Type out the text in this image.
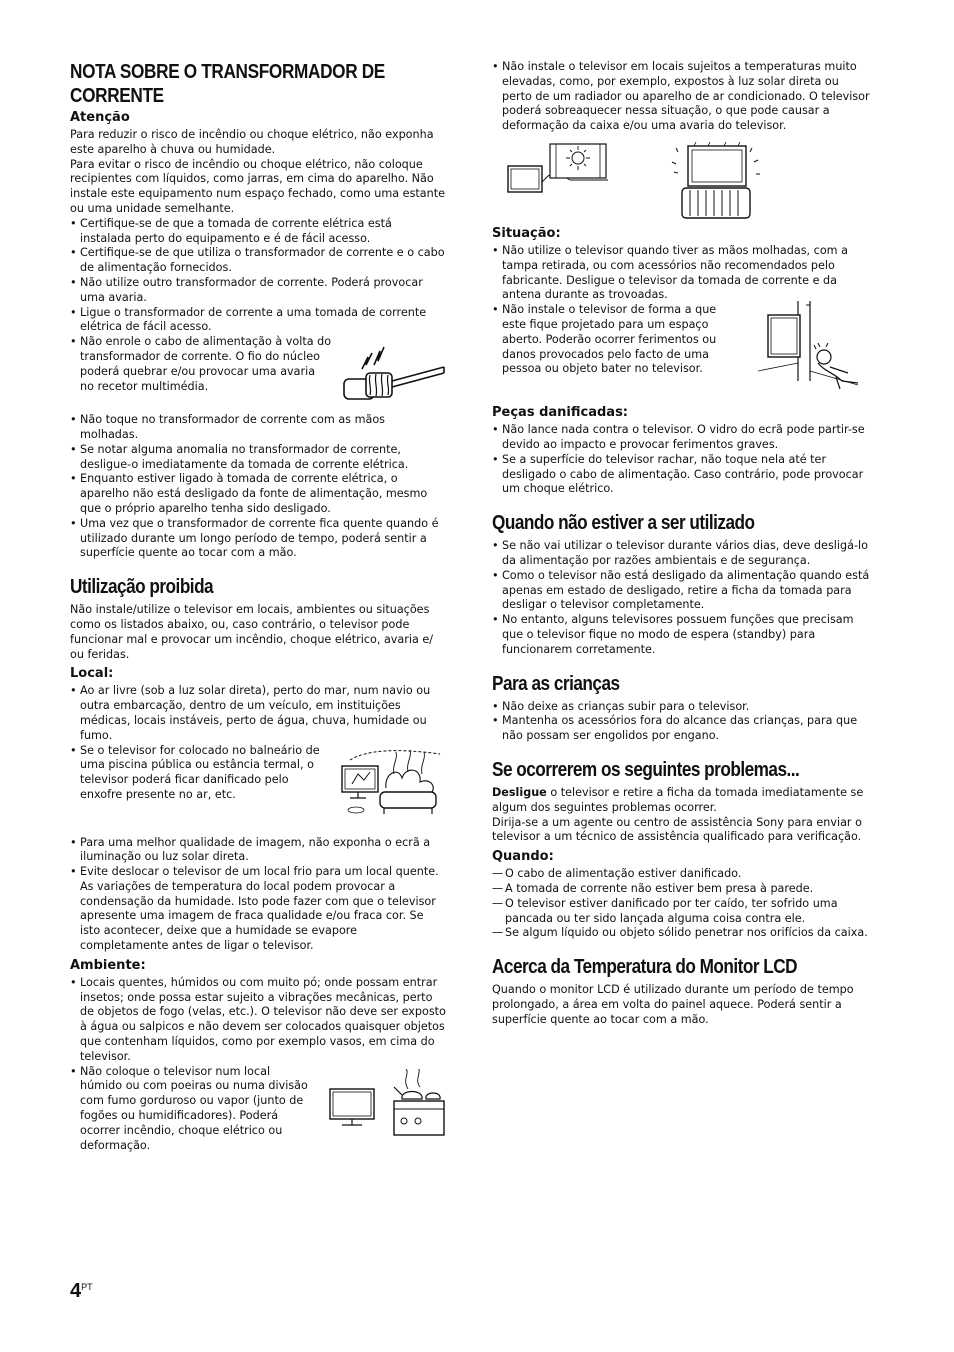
NOTA SOBRE O TRANSFORMADOR DE
CORRENTE
Atenção

Para reduzir o risco de incêndio ou choque elétrico, não exponha este aparelho à chuva ou humidade.

Para evitar o risco de incêndio ou choque elétrico, não coloque recipientes com líquidos, como jarras, em cima do aparelho. Não instale este equipamento num espaço fechado, como uma estante ou uma unidade semelhante.

• Certifique-se de que a tomada de corrente elétrica está instalada perto do equipamento e é de fácil acesso.
• Certifique-se de que utiliza o transformador de corrente e o cabo de alimentação fornecidos.
• Não utilize outro transformador de corrente. Poderá provocar uma avaria.
• Ligue o transformador de corrente a uma tomada de corrente elétrica de fácil acesso.
• Não enrole o cabo de alimentação à volta do transformador de corrente. O fio do núcleo poderá quebrar e/ou provocar uma avaria no recetor multimédia.
• Não toque no transformador de corrente com as mãos molhadas.
• Se notar alguma anomalia no transformador de corrente, desligue-o imediatamente da tomada de corrente elétrica.
• Enquanto estiver ligado à tomada de corrente elétrica, o aparelho não está desligado da fonte de alimentação, mesmo que o próprio aparelho tenha sido desligado.
• Uma vez que o transformador de corrente fica quente quando é utilizado durante um longo período de tempo, poderá sentir a superfície quente ao tocar com a mão.
Utilização proibida

Não instale/utilize o televisor em locais, ambientes ou situações como os listados abaixo, ou, caso contrário, o televisor pode funcionar mal e provocar um incêndio, choque elétrico, avaria e/ ou feridas.

Local:
• Ao ar livre (sob a luz solar direta), perto do mar, num navio ou outra embarcação, dentro de um veículo, em instituições médicas, locais instáveis, perto de água, chuva, humidade ou fumo.
• Se o televisor for colocado no balneário de uma piscina pública ou estância termal, o televisor poderá ficar danificado pelo enxofre presente no ar, etc.
• Para uma melhor qualidade de imagem, não exponha o ecrã a iluminação ou luz solar direta.
• Evite deslocar o televisor de um local frio para um local quente. As variações de temperatura do local podem provocar a condensação da humidade. Isto pode fazer com que o televisor apresente uma imagem de fraca qualidade e/ou fraca cor. Se isto acontecer, deixe que a humidade se evapore completamente antes de ligar o televisor.
Ambiente:
• Locais quentes, húmidos ou com muito pó; onde possam entrar insetos; onde possa estar sujeito a vibrações mecânicas, perto de objetos de fogo (velas, etc.). O televisor não deve ser exposto à água ou salpicos e não devem ser colocados quaisquer objetos que contenham líquidos, como por exemplo vasos, em cima do televisor.
• Não coloque o televisor num local húmido ou com poeiras ou numa divisão com fumo gorduroso ou vapor (junto de fogões ou humidificadores). Poderá ocorrer incêndio, choque elétrico ou deformação.
• Não instale o televisor em locais sujeitos a temperaturas muito elevadas, como, por exemplo, expostos à luz solar direta ou perto de um radiador ou aparelho de ar condicionado. O televisor poderá sobreaquecer nessa situação, o que pode causar a deformação da caixa e/ou uma avaria do televisor.
Situação:
• Não utilize o televisor quando tiver as mãos molhadas, com a tampa retirada, ou com acessórios não recomendados pelo fabricante. Desligue o televisor da tomada de corrente e da antena durante as trovoadas.
• Não instale o televisor de forma a que este fique projetado para um espaço aberto. Poderão ocorrer ferimentos ou danos provocados pelo facto de uma pessoa ou objeto bater no televisor.
Peças danificadas:
• Não lance nada contra o televisor. O vidro do ecrã pode partir-se devido ao impacto e provocar ferimentos graves.
• Se a superfície do televisor rachar, não toque nela até ter desligado o cabo de alimentação. Caso contrário, pode provocar um choque elétrico.
Quando não estiver a ser utilizado
• Se não vai utilizar o televisor durante vários dias, deve desligá-lo da alimentação por razões ambientais e de segurança.
• Como o televisor não está desligado da alimentação quando está apenas em estado de desligado, retire a ficha da tomada para desligar o televisor completamente.
• No entanto, alguns televisores possuem funções que precisam que o televisor fique no modo de espera (standby) para funcionarem corretamente.
Para as crianças
• Não deixe as crianças subir para o televisor.
• Mantenha os acessórios fora do alcance das crianças, para que não possam ser engolidos por engano.
Se ocorrerem os seguintes problemas...

Desligue o televisor e retire a ficha da tomada imediatamente se algum dos seguintes problemas ocorrer.

Dirija-se a um agente ou centro de assistência Sony para enviar o televisor a um técnico de assistência qualificado para verificação.

Quando:
— O cabo de alimentação estiver danificado.
— A tomada de corrente não estiver bem presa à parede.
— O televisor estiver danificado por ter caído, ter sofrido uma pancada ou ter sido lançada alguma coisa contra ele.
— Se algum líquido ou objeto sólido penetrar nos orifícios da caixa.
Acerca da Temperatura do Monitor LCD

Quando o monitor LCD é utilizado durante um período de tempo prolongado, a área em volta do painel aquece. Poderá sentir a superfície quente ao tocar com a mão.

$4^{PT}$
